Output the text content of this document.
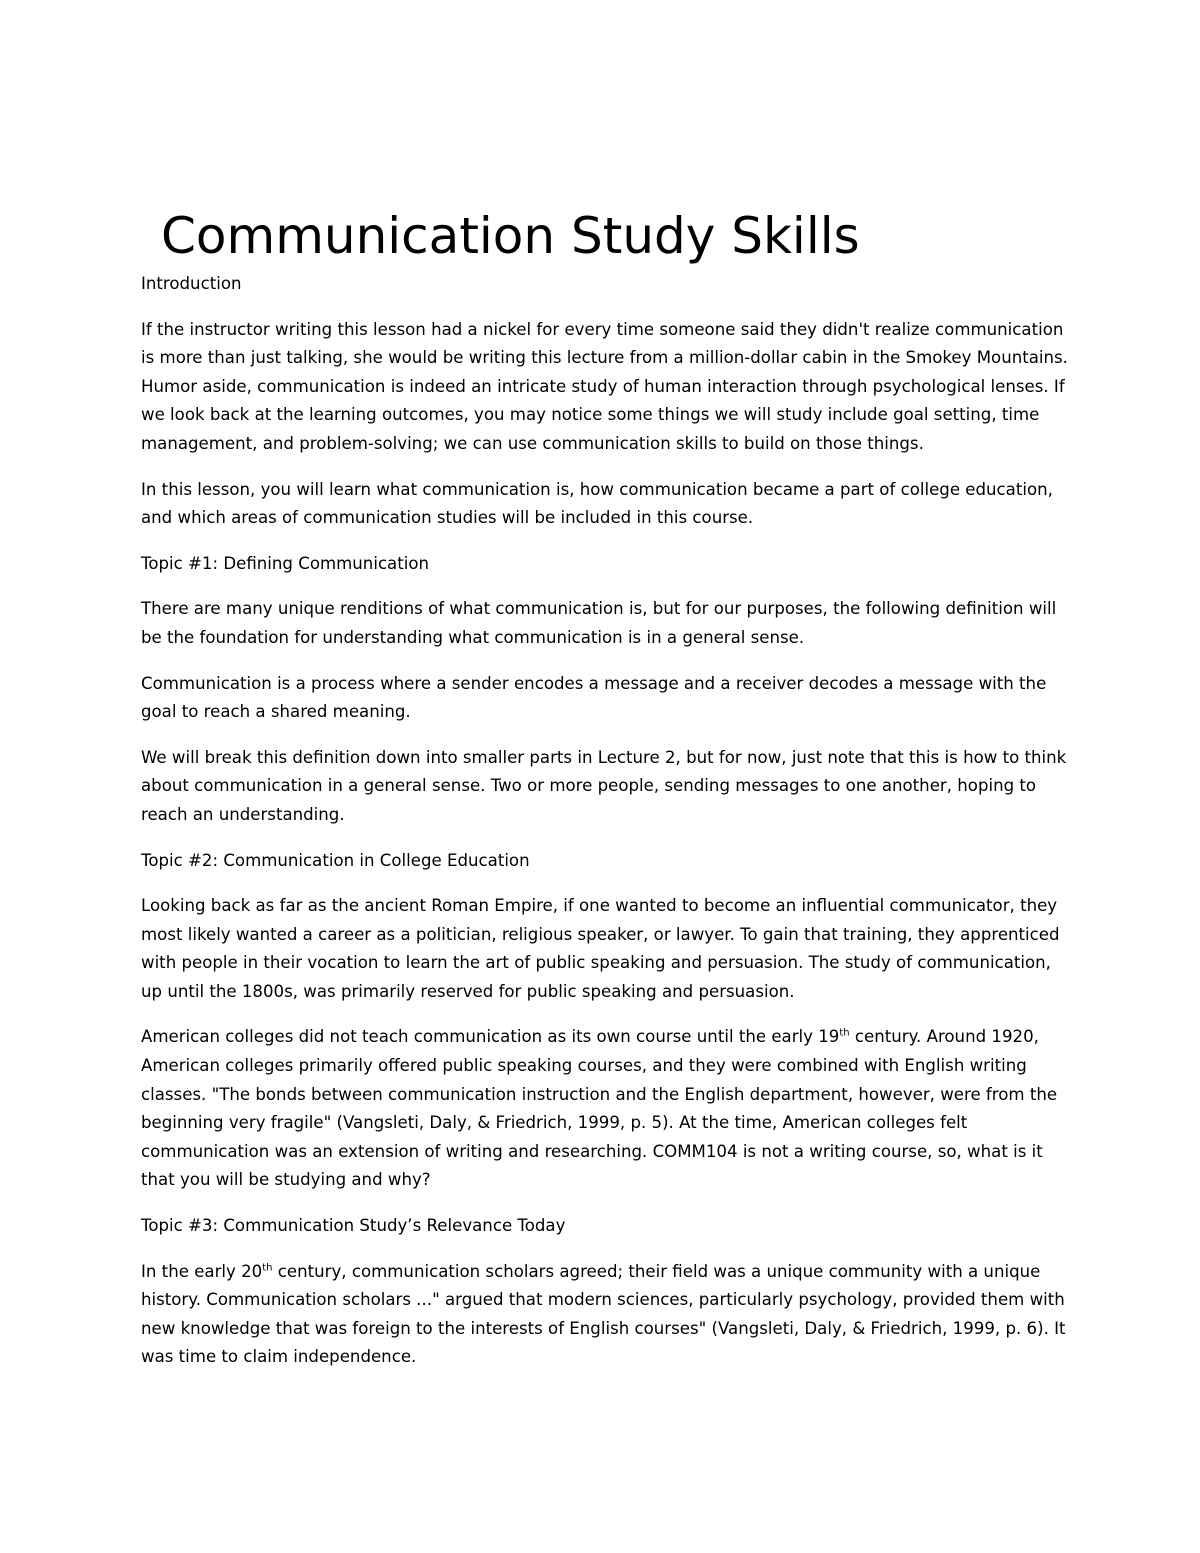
Communication Study Skills

Introduction

If the instructor writing this lesson had a nickel for every time someone said they didn't realize communication is more than just talking, she would be writing this lecture from a million-dollar cabin in the Smokey Mountains. Humor aside, communication is indeed an intricate study of human interaction through psychological lenses. If we look back at the learning outcomes, you may notice some things we will study include goal setting, time management, and problem-solving; we can use communication skills to build on those things.

In this lesson, you will learn what communication is, how communication became a part of college education, and which areas of communication studies will be included in this course.

Topic #1: Defining Communication

There are many unique renditions of what communication is, but for our purposes, the following definition will be the foundation for understanding what communication is in a general sense.

Communication is a process where a sender encodes a message and a receiver decodes a message with the goal to reach a shared meaning.

We will break this definition down into smaller parts in Lecture 2, but for now, just note that this is how to think about communication in a general sense. Two or more people, sending messages to one another, hoping to reach an understanding.

Topic #2: Communication in College Education

Looking back as far as the ancient Roman Empire, if one wanted to become an influential communicator, they most likely wanted a career as a politician, religious speaker, or lawyer. To gain that training, they apprenticed with people in their vocation to learn the art of public speaking and persuasion. The study of communication, up until the 1800s, was primarily reserved for public speaking and persuasion.

American colleges did not teach communication as its own course until the early 19th century. Around 1920, American colleges primarily offered public speaking courses, and they were combined with English writing classes. "The bonds between communication instruction and the English department, however, were from the beginning very fragile" (Vangsleti, Daly, & Friedrich, 1999, p. 5). At the time, American colleges felt communication was an extension of writing and researching. COMM104 is not a writing course, so, what is it that you will be studying and why?

Topic #3: Communication Study’s Relevance Today

In the early 20th century, communication scholars agreed; their field was a unique community with a unique history. Communication scholars ..." argued that modern sciences, particularly psychology, provided them with new knowledge that was foreign to the interests of English courses" (Vangsleti, Daly, & Friedrich, 1999, p. 6). It was time to claim independence.
